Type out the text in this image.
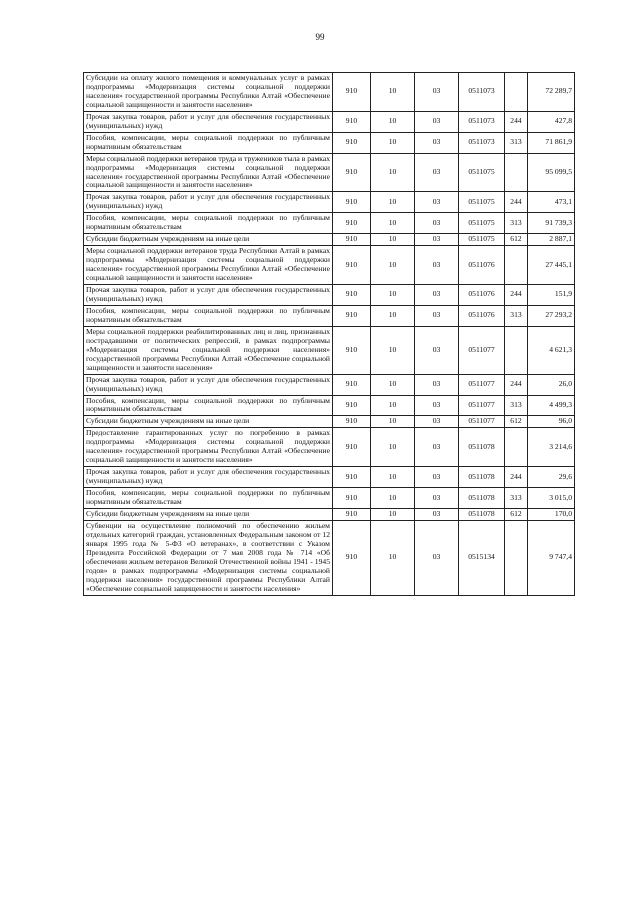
99
Субсидии на оплату жилого помещения и коммунальных услуг в рамках подпрограммы «Модернизация системы социальной поддержки населения» государственной программы Республики Алтай «Обеспечение социальной защищенности и занятости населения»	910	10	03	0511073		72 289,7
Прочая закупка товаров, работ и услуг для обеспечения государственных (муниципальных) нужд	910	10	03	0511073	244	427,8
Пособия, компенсации, меры социальной поддержки по публичным нормативным обязательствам	910	10	03	0511073	313	71 861,9
Меры социальной поддержки ветеранов труда и тружеников тыла в рамках подпрограммы «Модернизация системы социальной поддержки населения» государственной программы Республики Алтай «Обеспечение социальной защищенности и занятости населения»	910	10	03	0511075		95 099,5
Прочая закупка товаров, работ и услуг для обеспечения государственных (муниципальных) нужд	910	10	03	0511075	244	473,1
Пособия, компенсации, меры социальной поддержки по публичным нормативным обязательствам	910	10	03	0511075	313	91 739,3
Субсидии бюджетным учреждениям на иные цели	910	10	03	0511075	612	2 887,1
Меры социальной поддержки ветеранов труда Республики Алтай в рамках подпрограммы «Модернизация системы социальной поддержки населения» государственной программы Республики Алтай «Обеспечение социальной защищенности и занятости населения»	910	10	03	0511076		27 445,1
Прочая закупка товаров, работ и услуг для обеспечения государственных (муниципальных) нужд	910	10	03	0511076	244	151,9
Пособия, компенсации, меры социальной поддержки по публичным нормативным обязательствам	910	10	03	0511076	313	27 293,2
Меры социальной поддержки реабилитированных лиц и лиц, признанных пострадавшими от политических репрессий, в рамках подпрограммы «Модернизация системы социальной поддержки населения» государственной программы Республики Алтай «Обеспечение социальной защищенности и занятости населения»	910	10	03	0511077		4 621,3
Прочая закупка товаров, работ и услуг для обеспечения государственных (муниципальных) нужд	910	10	03	0511077	244	26,0
Пособия, компенсации, меры социальной поддержки по публичным нормативным обязательствам	910	10	03	0511077	313	4 499,3
Субсидии бюджетным учреждениям на иные цели	910	10	03	0511077	612	96,0
Предоставление гарантированных услуг по погребению в рамках подпрограммы «Модернизация системы социальной поддержки населения» государственной программы Республики Алтай «Обеспечение социальной защищенности и занятости населения»	910	10	03	0511078		3 214,6
Прочая закупка товаров, работ и услуг для обеспечения государственных (муниципальных) нужд	910	10	03	0511078	244	29,6
Пособия, компенсации, меры социальной поддержки по публичным нормативным обязательствам	910	10	03	0511078	313	3 015,0
Субсидии бюджетным учреждениям на иные цели	910	10	03	0511078	612	170,0
Субвенции на осуществление полномочий по обеспечению жильем отдельных категорий граждан, установленных Федеральным законом от 12 января 1995 года № 5-ФЗ «О ветеранах», в соответствии с Указом Президента Российской Федерации от 7 мая 2008 года № 714 «Об обеспечении жильем ветеранов Великой Отечественной войны 1941 - 1945 годов» в рамках подпрограммы «Модернизация системы социальной поддержки населения» государственной программы Республики Алтай «Обеспечение социальной защищенности и занятости населения»	910	10	03	0515134		9 747,4
